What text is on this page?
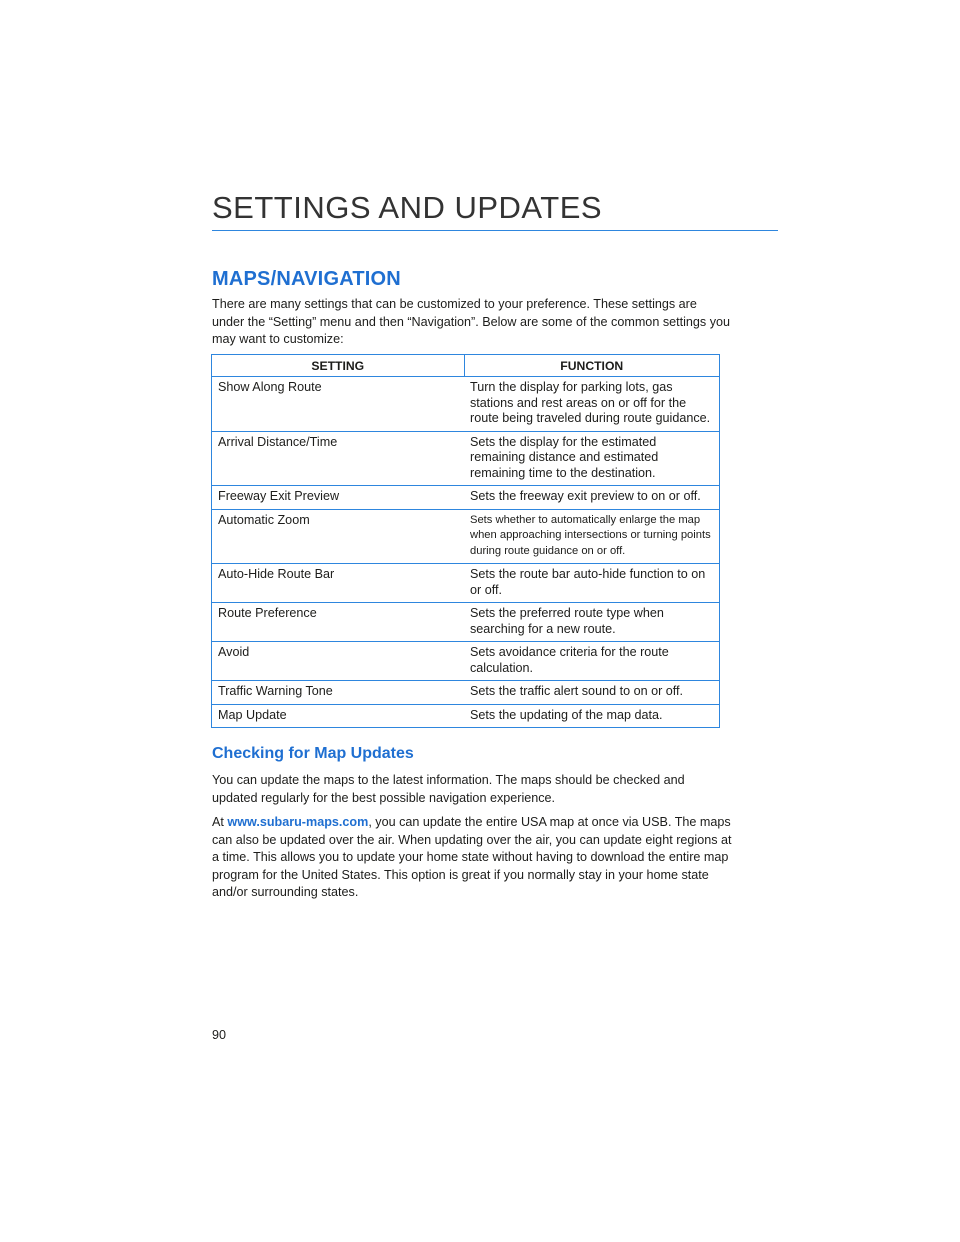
SETTINGS AND UPDATES
MAPS/NAVIGATION
There are many settings that can be customized to your preference. These settings are under the “Setting” menu and then “Navigation”. Below are some of the common settings you may want to customize:
SETTING	FUNCTION
Show Along Route	Turn the display for parking lots, gas stations and rest areas on or off for the route being traveled during route guidance.
Arrival Distance/Time	Sets the display for the estimated remaining distance and estimated remaining time to the destination.
Freeway Exit Preview	Sets the freeway exit preview to on or off.
Automatic Zoom	Sets whether to automatically enlarge the map when approaching intersections or turning points during route guidance on or off.
Auto-Hide Route Bar	Sets the route bar auto-hide function to on or off.
Route Preference	Sets the preferred route type when searching for a new route.
Avoid	Sets avoidance criteria for the route calculation.
Traffic Warning Tone	Sets the traffic alert sound to on or off.
Map Update	Sets the updating of the map data.
Checking for Map Updates

You can update the maps to the latest information. The maps should be checked and updated regularly for the best possible navigation experience.

At www.subaru-maps.com, you can update the entire USA map at once via USB. The maps can also be updated over the air. When updating over the air, you can update eight regions at a time. This allows you to update your home state without having to download the entire map program for the United States. This option is great if you normally stay in your home state and/or surrounding states.

90
